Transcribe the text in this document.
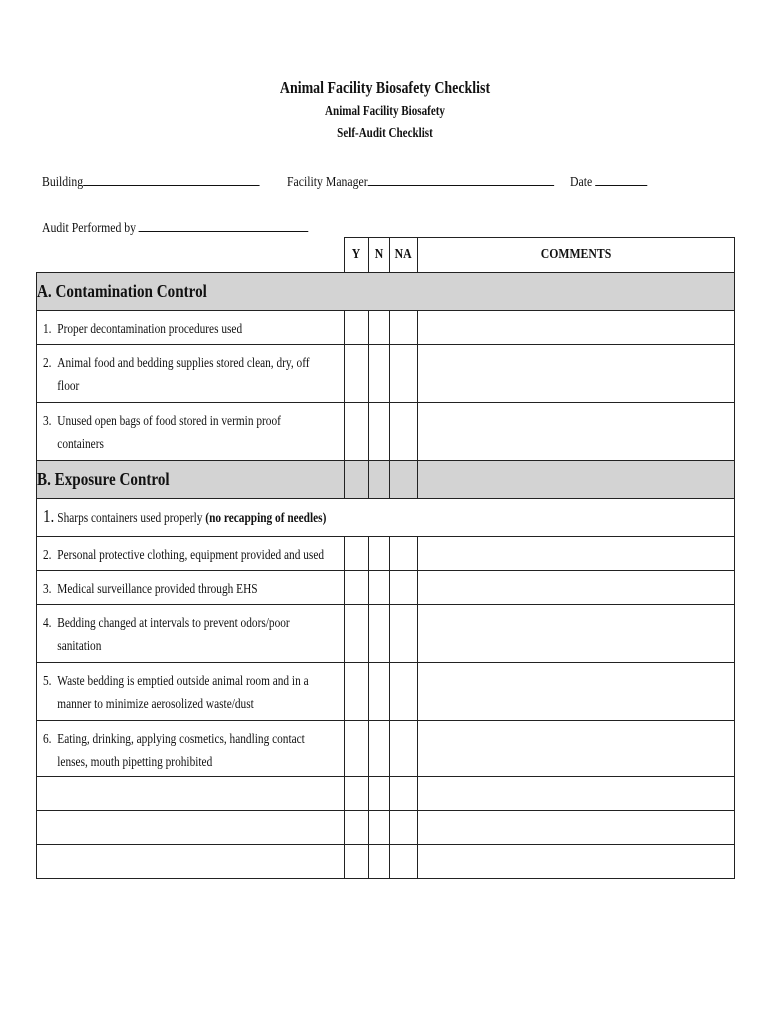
Animal Facility Biosafety Checklist
Animal Facility Biosafety
Self-Audit Checklist
Building	Facility Manager	Date
Audit Performed by
	Y	N	NA	COMMENTS
A. Contamination Control				

1. Proper decontamination procedures used				

2. Animal food and bedding supplies stored clean, dry, off
floor				

3. Unused open bags of food stored in vermin proof
containers				

B. Exposure Control				

1. Sharps containers used properly (no recapping of needles)				

2. Personal protective clothing, equipment provided and used				

3. Medical surveillance provided through EHS				

4. Bedding changed at intervals to prevent odors/poor
sanitation				

5. Waste bedding is emptied outside animal room and in a
manner to minimize aerosolized waste/dust				

6. Eating, drinking, applying cosmetics, handling contact
lenses, mouth pipetting prohibited				
